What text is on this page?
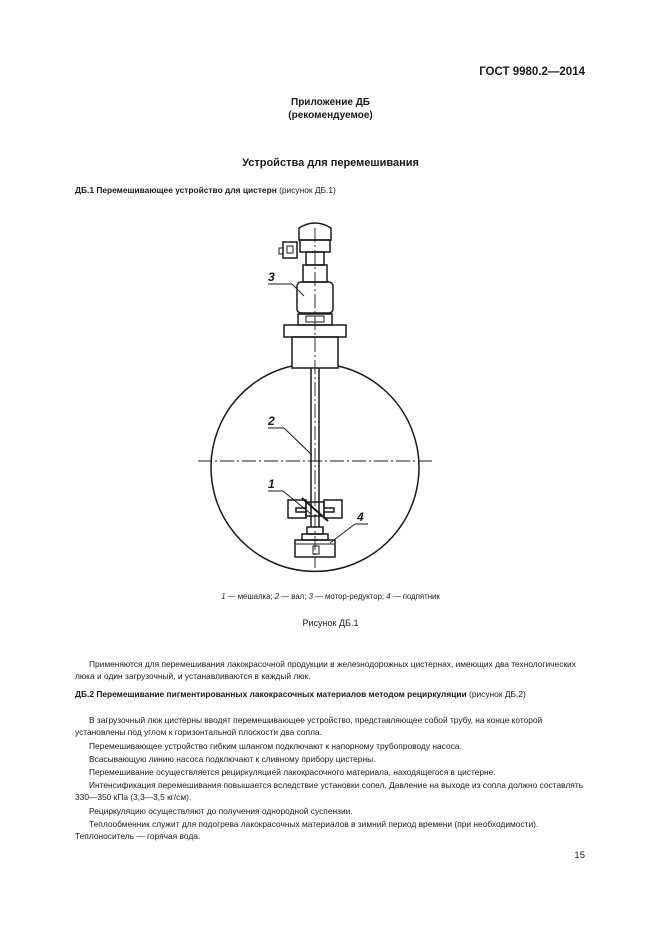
ГОСТ 9980.2—2014
Приложение ДБ
(рекомендуемое)
Устройства для перемешивания
ДБ.1 Перемешивающее устройство для цистерн (рисунок ДБ.1)
3
2
1
4
1 — мешалка; 2 — вал; 3 — мотор-редуктор; 4 — подпятник
Рисунок ДБ.1
Применяются для перемешивания лакокрасочной продукции в железнодорожных цистернах, имеющих два технологических люка и один загрузочный, и устанавливаются в каждый люк.
ДБ.2 Перемешивание пигментированных лакокрасочных материалов методом рециркуляции (рисунок ДБ.2)
В загрузочный люк цистерны вводят перемешивающее устройство, представляющее собой трубу, на конце которой установлены под углом к горизонтальной плоскости два сопла.
Перемешивающее устройство гибким шлангом подключают к напорному трубопроводу насоса.
Всасывающую линию насоса подключают к сливному прибору цистерны.
Перемешивание осуществляется рециркуляцией лакокрасочного материала, находящегося в цистерне.
Интенсификация перемешивания повышается вследствие установки сопел. Давление на выходе из сопла должно составлять 330—350 кПа (3,3—3,5 кг/см).
Рециркуляцию осуществляют до получения однородной суспензии.
Теплообменник служит для подогрева лакокрасочных материалов в зимний период времени (при необходимости). Теплоноситель — горячая вода.
15
